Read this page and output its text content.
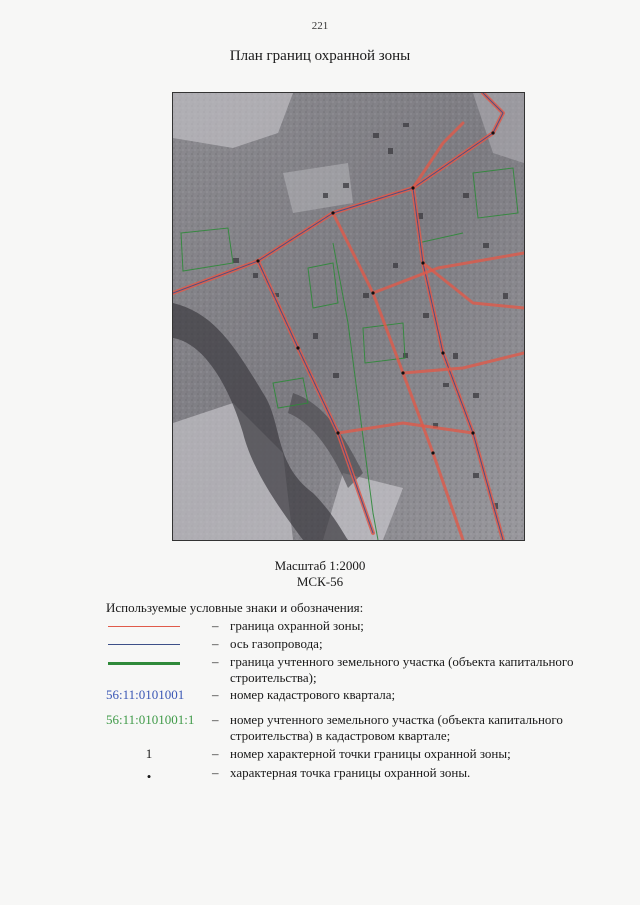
221
План границ охранной зоны
Масштаб 1:2000
МСК-56
Используемые условные знаки и обозначения:
– граница охранной зоны;
– ось газопровода;
– граница учтенного земельного участка (объекта капитального строительства);
56:11:0101001	– номер кадастрового квартала;
56:11:0101001:1	– номер учтенного земельного участка (объекта капитального строительства) в кадастровом квартале;
1	– номер характерной точки границы охранной зоны;
•	– характерная точка границы охранной зоны.
